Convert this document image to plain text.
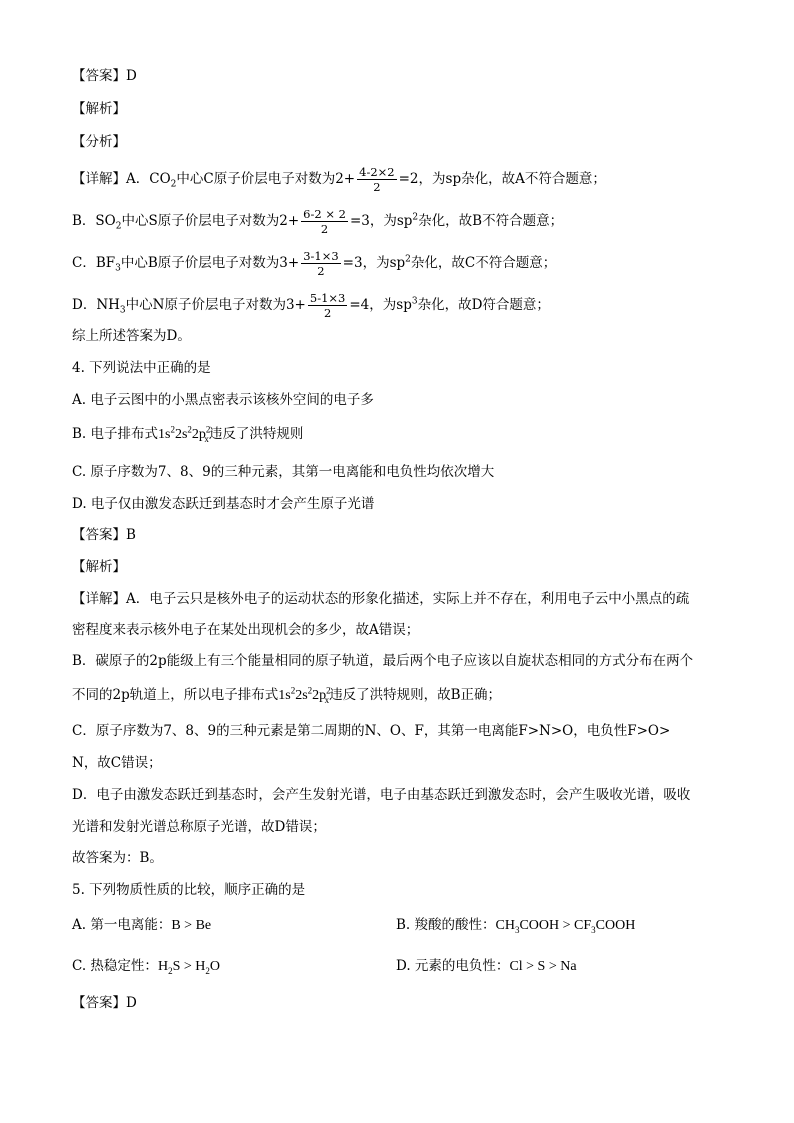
【答案】D
【解析】
【分析】
【详解】A．$CO_2$中心C原子价层电子对数为$2+ \frac{4-2\times 2}{2} =2$，为sp杂化，故A不符合题意；
B．$SO_2$中心S原子价层电子对数为$2+ \frac{6-2 \times 2}{2} =3$，为$sp^2$杂化，故B不符合题意；
C．$BF_3$中心B原子价层电子对数为$3+ \frac{3-1\times 3}{2} =3$，为$sp^2$杂化，故C不符合题意；
D．$NH_3$中心N原子价层电子对数为$3+ \frac{5-1\times 3}{2} =4$，为$sp^3$杂化，故D符合题意；
综上所述答案为D。
4. 下列说法中正确的是
A. 电子云图中的小黑点密表示该核外空间的电子多
B. 电子排布式$1s^22s^22p^2_x$违反了洪特规则
C. 原子序数为7、8、9的三种元素，其第一电离能和电负性均依次增大
D. 电子仅由激发态跃迁到基态时才会产生原子光谱
【答案】B
【解析】
【详解】A．电子云只是核外电子的运动状态的形象化描述，实际上并不存在，利用电子云中小黑点的疏
密程度来表示核外电子在某处出现机会的多少，故A错误；
B．碳原子的2p能级上有三个能量相同的原子轨道，最后两个电子应该以自旋状态相同的方式分布在两个
不同的2p轨道上，所以电子排布式$1s^22s^22p^2_x$违反了洪特规则，故B正确；
C．原子序数为7、8、9的三种元素是第二周期的N、O、F，其第一电离能F>N>O，电负性F>O>
N，故C错误；
D．电子由激发态跃迁到基态时，会产生发射光谱，电子由基态跃迁到激发态时，会产生吸收光谱，吸收
光谱和发射光谱总称原子光谱，故D错误；
故答案为：B。
5. 下列物质性质的比较，顺序正确的是
A. 第一电离能：B > Be	B. 羧酸的酸性：$CH_3COOH$ > $CF_3COOH$
C. 热稳定性：$H_2S > H_2O$	D. 元素的电负性：Cl > S > Na
【答案】D
